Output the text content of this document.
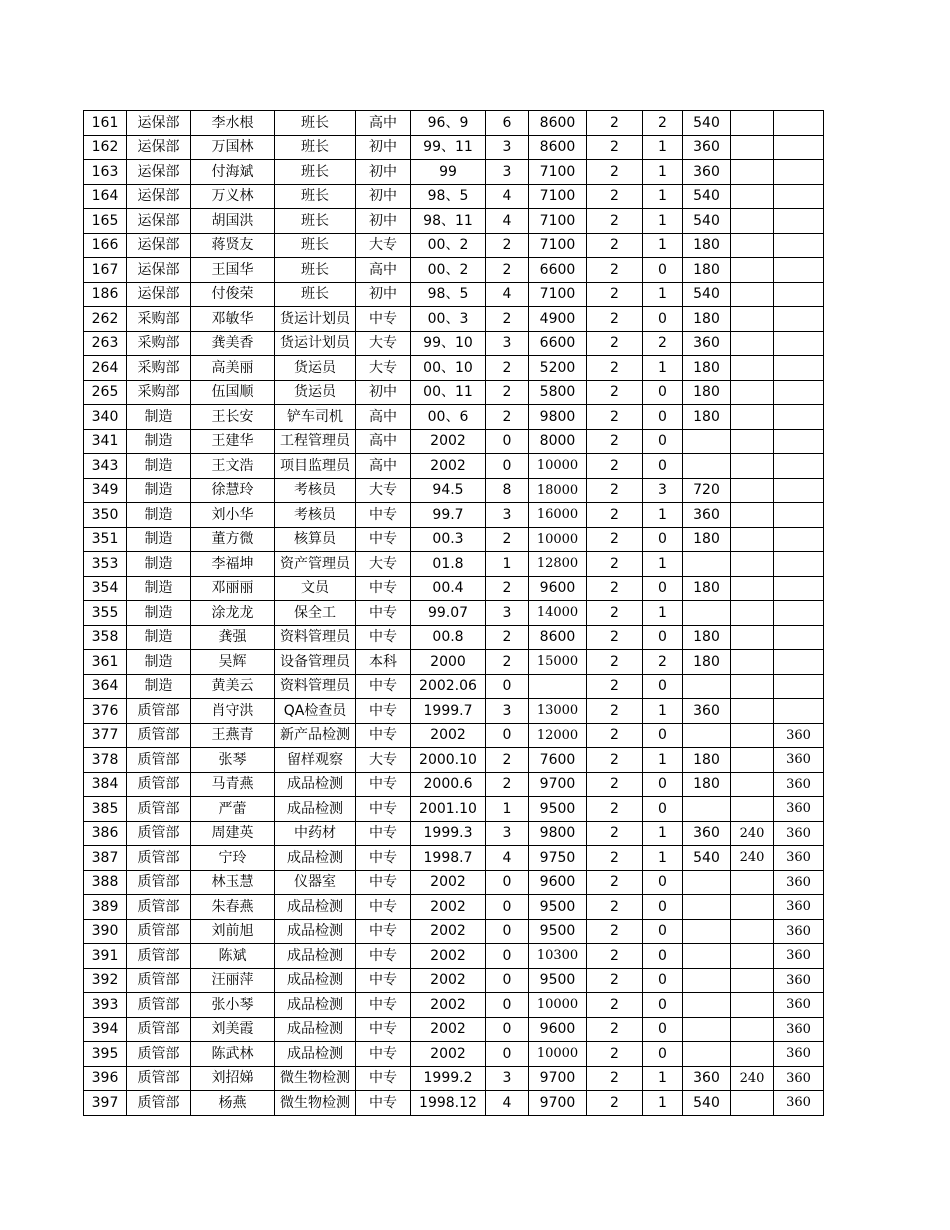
161	运保部	李水根	班长	高中	96、9	6	8600	2	2	540		
162	运保部	万国林	班长	初中	99、11	3	8600	2	1	360		
163	运保部	付海斌	班长	初中	99	3	7100	2	1	360		
164	运保部	万义林	班长	初中	98、5	4	7100	2	1	540		
165	运保部	胡国洪	班长	初中	98、11	4	7100	2	1	540		
166	运保部	蒋贤友	班长	大专	00、2	2	7100	2	1	180		
167	运保部	王国华	班长	高中	00、2	2	6600	2	0	180		
186	运保部	付俊荣	班长	初中	98、5	4	7100	2	1	540		
262	采购部	邓敏华	货运计划员	中专	00、3	2	4900	2	0	180		
263	采购部	龚美香	货运计划员	大专	99、10	3	6600	2	2	360		
264	采购部	高美丽	货运员	大专	00、10	2	5200	2	1	180		
265	采购部	伍国顺	货运员	初中	00、11	2	5800	2	0	180		
340	制造	王长安	铲车司机	高中	00、6	2	9800	2	0	180		
341	制造	王建华	工程管理员	高中	2002	0	8000	2	0			
343	制造	王文浩	项目监理员	高中	2002	0	10000	2	0			
349	制造	徐慧玲	考核员	大专	94.5	8	18000	2	3	720		
350	制造	刘小华	考核员	中专	99.7	3	16000	2	1	360		
351	制造	董方微	核算员	中专	00.3	2	10000	2	0	180		
353	制造	李福坤	资产管理员	大专	01.8	1	12800	2	1			
354	制造	邓丽丽	文员	中专	00.4	2	9600	2	0	180		
355	制造	涂龙龙	保全工	中专	99.07	3	14000	2	1			
358	制造	龚强	资料管理员	中专	00.8	2	8600	2	0	180		
361	制造	吴辉	设备管理员	本科	2000	2	15000	2	2	180		
364	制造	黄美云	资料管理员	中专	2002.06	0		2	0			
376	质管部	肖守洪	QA检查员	中专	1999.7	3	13000	2	1	360		
377	质管部	王燕青	新产品检测	中专	2002	0	12000	2	0			360
378	质管部	张琴	留样观察	大专	2000.10	2	7600	2	1	180		360
384	质管部	马青燕	成品检测	中专	2000.6	2	9700	2	0	180		360
385	质管部	严蕾	成品检测	中专	2001.10	1	9500	2	0			360
386	质管部	周建英	中药材	中专	1999.3	3	9800	2	1	360	240	360
387	质管部	宁玲	成品检测	中专	1998.7	4	9750	2	1	540	240	360
388	质管部	林玉慧	仪器室	中专	2002	0	9600	2	0			360
389	质管部	朱春燕	成品检测	中专	2002	0	9500	2	0			360
390	质管部	刘前旭	成品检测	中专	2002	0	9500	2	0			360
391	质管部	陈斌	成品检测	中专	2002	0	10300	2	0			360
392	质管部	汪丽萍	成品检测	中专	2002	0	9500	2	0			360
393	质管部	张小琴	成品检测	中专	2002	0	10000	2	0			360
394	质管部	刘美霞	成品检测	中专	2002	0	9600	2	0			360
395	质管部	陈武林	成品检测	中专	2002	0	10000	2	0			360
396	质管部	刘招娣	微生物检测	中专	1999.2	3	9700	2	1	360	240	360
397	质管部	杨燕	微生物检测	中专	1998.12	4	9700	2	1	540		360
